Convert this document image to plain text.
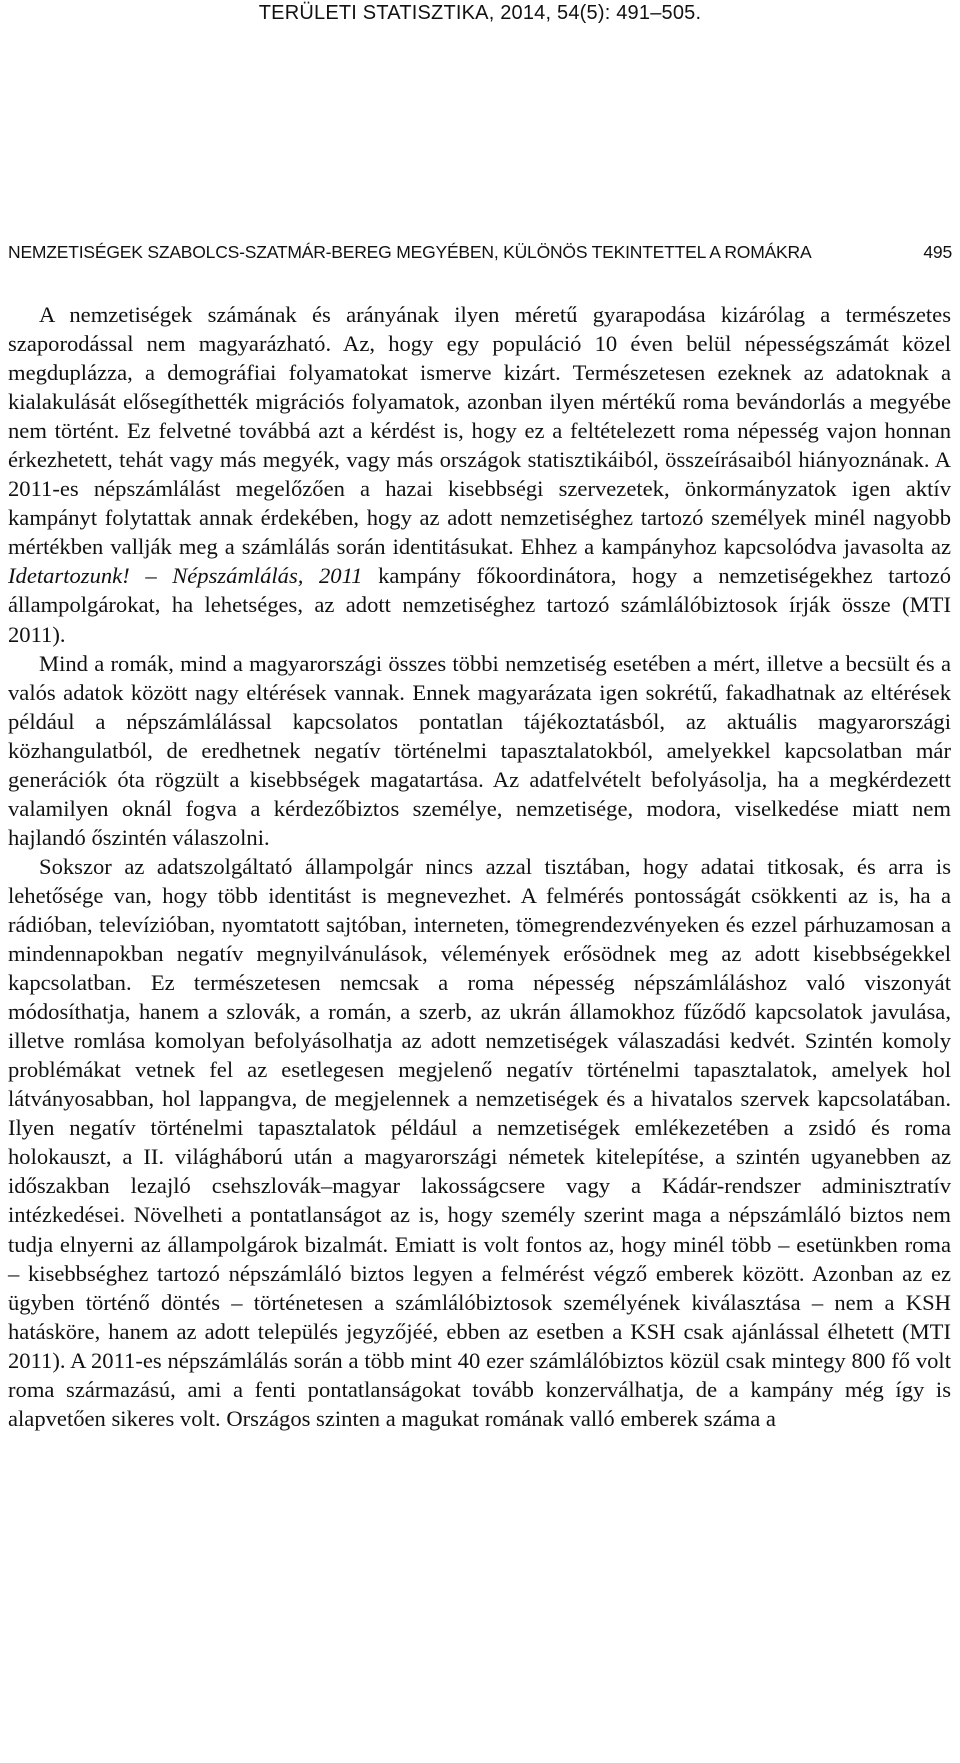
TERÜLETI STATISZTIKA, 2014, 54(5): 491–505.
NEMZETISÉGEK SZABOLCS-SZATMÁR-BEREG MEGYÉBEN, KÜLÖNÖS TEKINTETTEL A ROMÁKRA	495

A nemzetiségek számának és arányának ilyen méretű gyarapodása kizárólag a természetes szaporodással nem magyarázható. Az, hogy egy populáció 10 éven belül népességszámát közel megduplázza, a demográfiai folyamatokat ismerve kizárt. Természetesen ezeknek az adatoknak a kialakulását elősegíthették migrációs folyamatok, azonban ilyen mértékű roma bevándorlás a megyébe nem történt. Ez felvetné továbbá azt a kérdést is, hogy ez a feltételezett roma népesség vajon honnan érkezhetett, tehát vagy más megyék, vagy más országok statisztikáiból, összeírásaiból hiányoznának. A 2011-es népszámlálást megelőzően a hazai kisebbségi szervezetek, önkormányzatok igen aktív kampányt folytattak annak érdekében, hogy az adott nemzetiséghez tartozó személyek minél nagyobb mértékben vallják meg a számlálás során identitásukat. Ehhez a kampányhoz kapcsolódva javasolta az Idetartozunk! – Népszámlálás, 2011 kampány főkoordinátora, hogy a nemzetiségekhez tartozó állampolgárokat, ha lehetséges, az adott nemzetiséghez tartozó számlálóbiztosok írják össze (MTI 2011).

Mind a romák, mind a magyarországi összes többi nemzetiség esetében a mért, illetve a becsült és a valós adatok között nagy eltérések vannak. Ennek magyarázata igen sokrétű, fakadhatnak az eltérések például a népszámlálással kapcsolatos pontatlan tájékoztatásból, az aktuális magyarországi közhangulatból, de eredhetnek negatív történelmi tapasztalatokból, amelyekkel kapcsolatban már generációk óta rögzült a kisebbségek magatartása. Az adatfelvételt befolyásolja, ha a megkérdezett valamilyen oknál fogva a kérdezőbiztos személye, nemzetisége, modora, viselkedése miatt nem hajlandó őszintén válaszolni.

Sokszor az adatszolgáltató állampolgár nincs azzal tisztában, hogy adatai titkosak, és arra is lehetősége van, hogy több identitást is megnevezhet. A felmérés pontosságát csökkenti az is, ha a rádióban, televízióban, nyomtatott sajtóban, interneten, tömegrendezvényeken és ezzel párhuzamosan a mindennapokban negatív megnyilvánulások, vélemények erősödnek meg az adott kisebbségekkel kapcsolatban. Ez természetesen nemcsak a roma népesség népszámláláshoz való viszonyát módosíthatja, hanem a szlovák, a román, a szerb, az ukrán államokhoz fűződő kapcsolatok javulása, illetve romlása komolyan befolyásolhatja az adott nemzetiségek válaszadási kedvét. Szintén komoly problémákat vetnek fel az esetlegesen megjelenő negatív történelmi tapasztalatok, amelyek hol látványosabban, hol lappangva, de megjelennek a nemzetiségek és a hivatalos szervek kapcsolatában. Ilyen negatív történelmi tapasztalatok például a nemzetiségek emlékezetében a zsidó és roma holokauszt, a II. világháború után a magyarországi németek kitelepítése, a szintén ugyanebben az időszakban lezajló csehszlovák–magyar lakosságcsere vagy a Kádár-rendszer adminisztratív intézkedései. Növelheti a pontatlanságot az is, hogy személy szerint maga a népszámláló biztos nem tudja elnyerni az állampolgárok bizalmát. Emiatt is volt fontos az, hogy minél több – esetünkben roma – kisebbséghez tartozó népszámláló biztos legyen a felmérést végző emberek között. Azonban az ez ügyben történő döntés – történetesen a számlálóbiztosok személyének kiválasztása – nem a KSH hatásköre, hanem az adott település jegyzőjéé, ebben az esetben a KSH csak ajánlással élhetett (MTI 2011). A 2011-es népszámlálás során a több mint 40 ezer számlálóbiztos közül csak mintegy 800 fő volt roma származású, ami a fenti pontatlanságokat tovább konzerválhatja, de a kampány még így is alapvetően sikeres volt. Országos szinten a magukat romának valló emberek száma a
